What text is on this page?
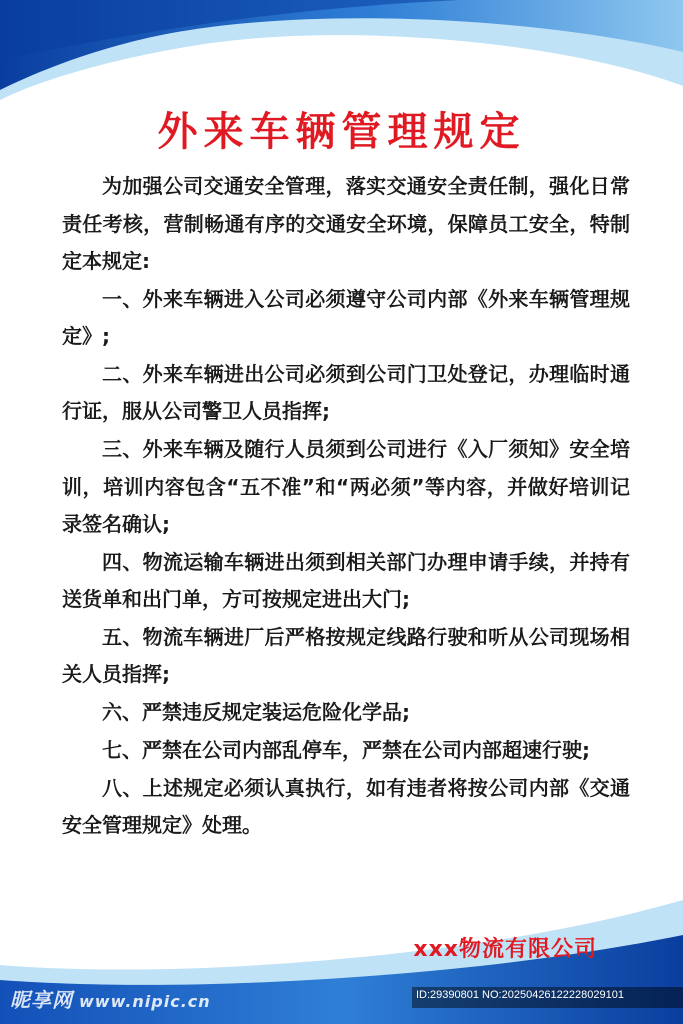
外来车辆管理规定

为加强公司交通安全管理，落实交通安全责任制，强化日常责任考核，营制畅通有序的交通安全环境，保障员工安全，特制定本规定:

一、外来车辆进入公司必须遵守公司内部《外来车辆管理规定》;

二、外来车辆进出公司必须到公司门卫处登记，办理临时通行证，服从公司警卫人员指挥;

三、外来车辆及随行人员须到公司进行《入厂须知》安全培训，培训内容包含“五不准”和“两必须”等内容，并做好培训记录签名确认;

四、物流运输车辆进出须到相关部门办理申请手续，并持有送货单和出门单，方可按规定进出大门;

五、物流车辆进厂后严格按规定线路行驶和听从公司现场相关人员指挥;

六、严禁违反规定装运危险化学品;

七、严禁在公司内部乱停车，严禁在公司内部超速行驶;

八、上述规定必须认真执行，如有违者将按公司内部《交通安全管理规定》处理。

xxx物流有限公司
昵享网 www.nipic.cn	ID:29390801 NO:20250426122228029101
